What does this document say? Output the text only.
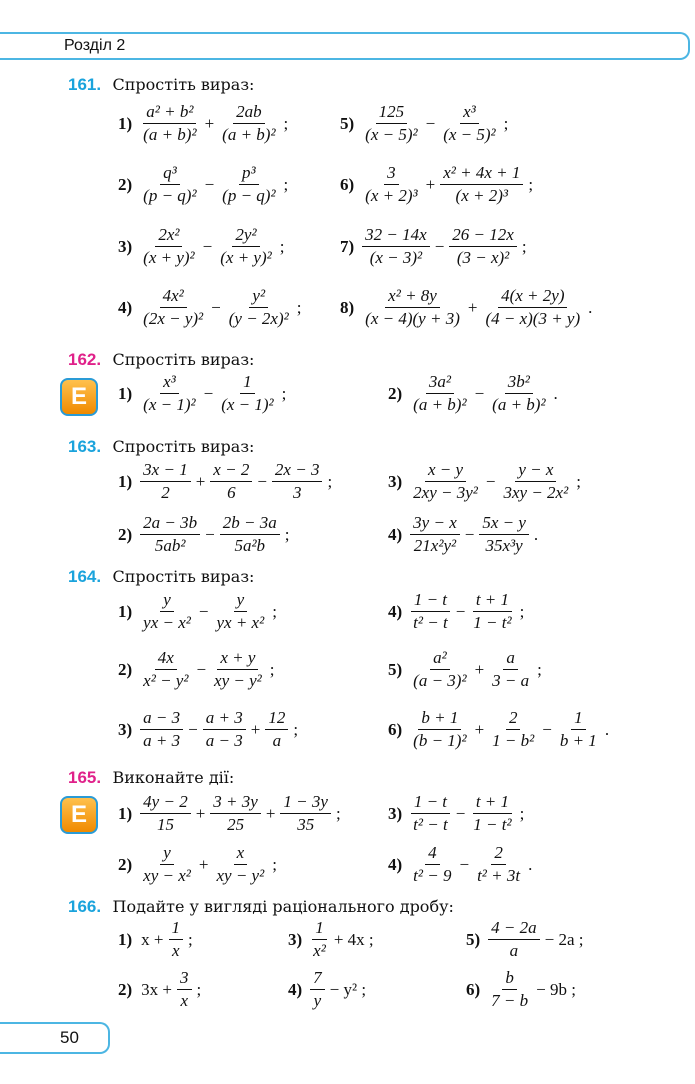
Розділ 2
161. Спростіть вираз:
$1) \frac{\text{a² + b²}}{\text{(a + b)²}} + \frac{2ab}{\text{(a + b)²}}$ ;
$2) \frac{\text{q³}}{\text{(p − q)²}} - \frac{\text{p³}}{\text{(p − q)²}}$ ;
$3) \frac{\text{2x²}}{\text{(x + y)²}} - \frac{\text{2y²}}{\text{(x + y)²}}$ ;
$4) \frac{\text{4x²}}{\text{(2x − y)²}} - \frac{\text{y²}}{\text{(y − 2x)²}}$ ;
$5) \frac{125}{\text{(x − 5)²}} - \frac{\text{x³}}{\text{(x − 5)²}}$ ;
$6) \frac{3}{\text{(x + 2)³}} + \frac{\text{x² + 4x + 1}}{\text{(x + 2)³}}$ ;
$7) \frac{32 - 14x}{\text{(x − 3)²}} - \frac{26 - 12x}{\text{(3 − x)²}}$ ;
$8) \frac{\text{x² + 8y}}{(x - 4)(y + 3)} + \frac{4(x + 2y)}{(4 - x)(3 + y)}$ .
162. Спростіть вираз:
E	$1) \frac{\text{x³}}{\text{(x − 1)²}} - \frac{1}{\text{(x − 1)²}}$ ;	$2) \frac{\text{3a²}}{\text{(a + b)²}} - \frac{\text{3b²}}{\text{(a + b)²}}$ .
163. Спростіть вираз:
$1) \frac{3x - 1}{2} + \frac{x - 2}{6} - \frac{2x - 3}{3}$ ;
$2) \frac{2a - 3b}{\text{5ab²}} - \frac{2b - 3a}{\text{5a²b}}$ ;
$3) \frac{x - y}{\text{2xy − 3y²}} - \frac{y - x}{\text{3xy − 2x²}}$ ;
$4) \frac{3y - x}{\text{21x²y²}} - \frac{5x - y}{\text{35x³y}}$ .
164. Спростіть вираз:
$1) \frac{y}{\text{yx − x²}} - \frac{y}{\text{yx + x²}}$ ;
$2) \frac{4x}{\text{x² − y²}} - \frac{x + y}{\text{xy − y²}}$ ;
$3) \frac{a - 3}{a + 3} - \frac{a + 3}{a - 3} + \frac{12}{a}$ ;
$4) \frac{1 - t}{\text{t² − t}} - \frac{t + 1}{\text{1 − t²}}$ ;
$5) \frac{\text{a²}}{\text{(a − 3)²}} + \frac{a}{3 - a}$ ;
$6) \frac{b + 1}{\text{(b − 1)²}} + \frac{2}{\text{1 − b²}} - \frac{1}{b + 1}$ .
165. Виконайте дії:
E	$1) \frac{4y - 2}{15} + \frac{3 + 3y}{25} + \frac{1 - 3y}{35}$ ;
$2) \frac{y}{\text{xy − x²}} + \frac{x}{\text{xy − y²}}$ ;
$3) \frac{1 - t}{\text{t² − t}} - \frac{t + 1}{\text{1 − t²}}$ ;
$4) \frac{4}{\text{t² − 9}} - \frac{2}{\text{t² + 3t}}$ .
166. Подайте у вигляді раціонального дробу:
1) $x + \frac{1}{x}$ ;
2) $3x + \frac{3}{x}$ ;
$3) \frac{1}{\text{x²}} + 4x$ ;
$4) \frac{7}{y} - y^2$ ;
$5) \frac{4 - 2a}{a} - 2a$ ;
$6) \frac{b}{7 - b} - 9b$ ;
50
